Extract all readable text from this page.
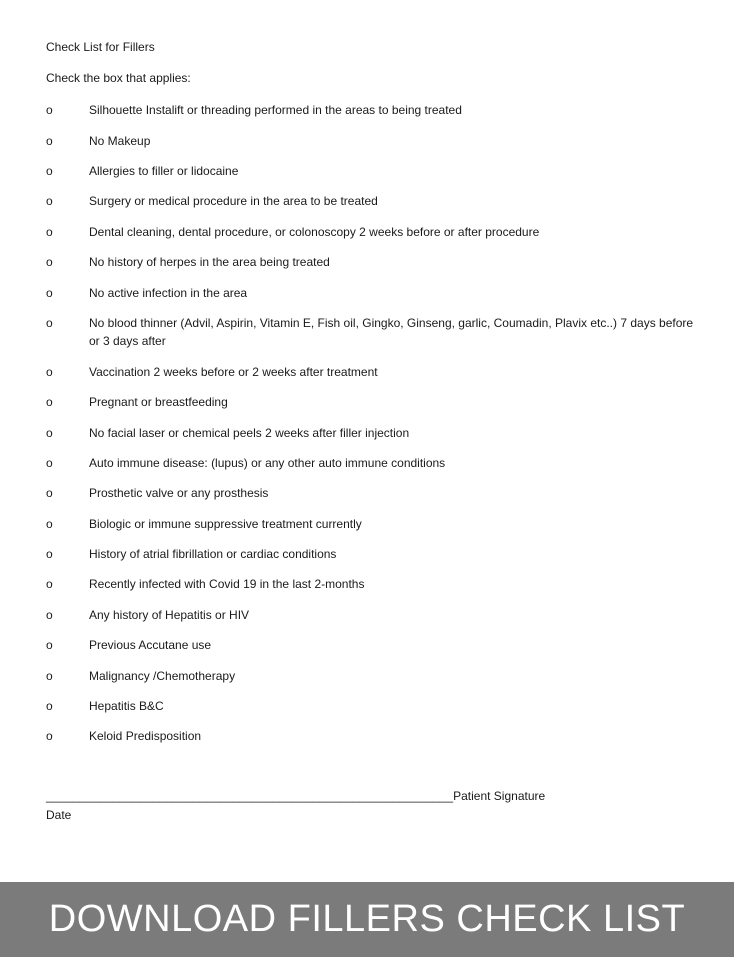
Check List for Fillers
Check the box that applies:
o	Silhouette Instalift or threading performed in the areas to being treated
o	No Makeup
o	Allergies to filler or lidocaine
o	Surgery or medical procedure in the area to be treated
o	Dental cleaning, dental procedure, or colonoscopy 2 weeks before or after procedure
o	No history of herpes in the area being treated
o	No active infection in the area
o	No blood thinner (Advil, Aspirin, Vitamin E, Fish oil, Gingko, Ginseng, garlic, Coumadin, Plavix etc..) 7 days before or 3 days after
o	Vaccination 2 weeks before or 2 weeks after treatment
o	Pregnant or breastfeeding
o	No facial laser or chemical peels 2 weeks after filler injection
o	Auto immune disease: (lupus) or any other auto immune conditions
o	Prosthetic valve or any prosthesis
o	Biologic or immune suppressive treatment currently
o	History of atrial fibrillation or cardiac conditions
o	Recently infected with Covid 19 in the last 2-months
o	Any history of Hepatitis or HIV
o	Previous Accutane use
o	Malignancy /Chemotherapy
o	Hepatitis B&C
o	Keloid Predisposition
_____________________________________________________________Patient Signature
Date
DOWNLOAD FILLERS CHECK LIST
